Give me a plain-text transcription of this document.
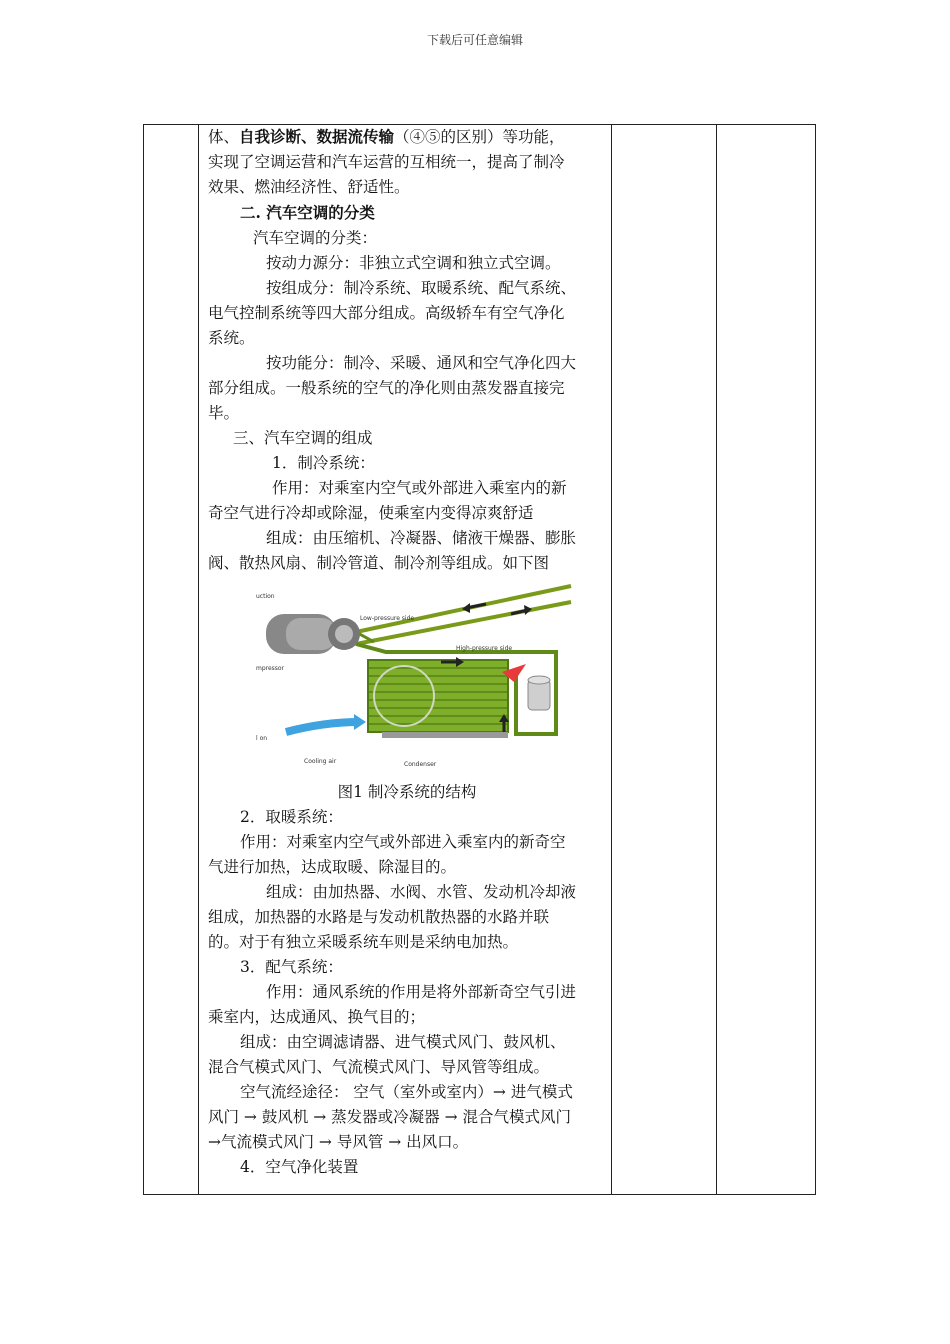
下载后可任意编辑

体、自我诊断、数据流传输（④⑤的区别）等功能，

实现了空调运营和汽车运营的互相统一，提高了制冷

效果、燃油经济性、舒适性。

二. 汽车空调的分类

汽车空调的分类：

按动力源分：非独立式空调和独立式空调。

按组成分：制冷系统、取暖系统、配气系统、

电气控制系统等四大部分组成。高级轿车有空气净化

系统。

按功能分：制冷、采暖、通风和空气净化四大

部分组成。一般系统的空气的净化则由蒸发器直接完

毕。

三、汽车空调的组成

1．制冷系统：

作用：对乘室内空气或外部进入乘室内的新

奇空气进行冷却或除湿，使乘室内变得凉爽舒适

组成：由压缩机、冷凝器、储液干燥器、膨胀

阀、散热风扇、制冷管道、制冷剂等组成。如下图

uction
Low-pressure side
High-pressure side
mpressor
l on
Cooling air	Condenser

图1 制冷系统的结构

2．取暖系统：

作用：对乘室内空气或外部进入乘室内的新奇空

气进行加热，达成取暖、除湿目的。

组成：由加热器、水阀、水管、发动机冷却液

组成，加热器的水路是与发动机散热器的水路并联

的。对于有独立采暖系统车则是采纳电加热。

3．配气系统：

作用：通风系统的作用是将外部新奇空气引进

乘室内，达成通风、换气目的；

组成：由空调滤请器、进气模式风门、鼓风机、

混合气模式风门、气流模式风门、导风管等组成。

空气流经途径： 空气（室外或室内）→ 进气模式

风门 → 鼓风机 → 蒸发器或冷凝器 → 混合气模式风门

→气流模式风门 → 导风管 → 出风口。

4．空气净化装置
